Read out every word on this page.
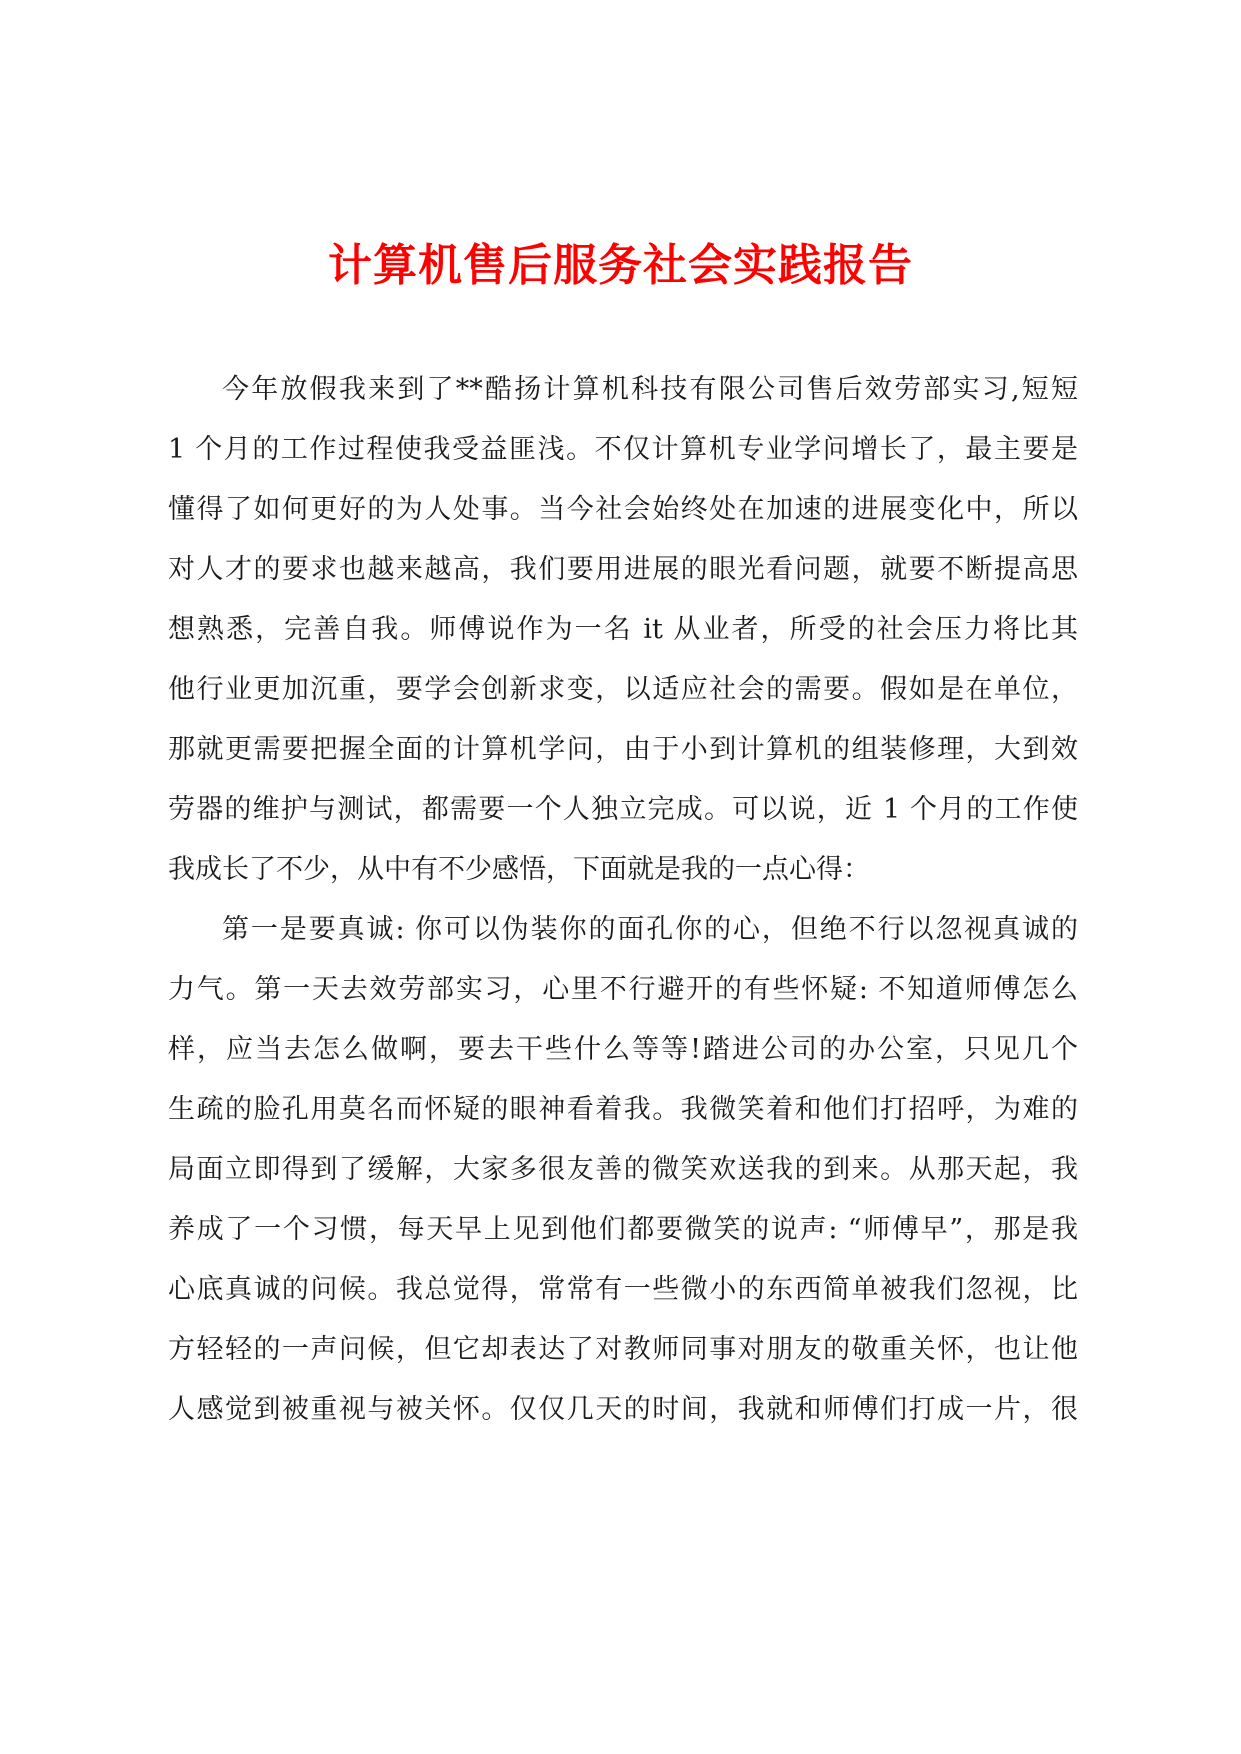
计算机售后服务社会实践报告

今年放假我来到了**酷扬计算机科技有限公司售后效劳部实习,短短

1 个月的工作过程使我受益匪浅。不仅计算机专业学问增长了，最主要是

懂得了如何更好的为人处事。当今社会始终处在加速的进展变化中，所以

对人才的要求也越来越高，我们要用进展的眼光看问题，就要不断提高思

想熟悉，完善自我。师傅说作为一名 it 从业者，所受的社会压力将比其

他行业更加沉重，要学会创新求变，以适应社会的需要。假如是在单位，

那就更需要把握全面的计算机学问，由于小到计算机的组装修理，大到效

劳器的维护与测试，都需要一个人独立完成。可以说，近 1 个月的工作使

我成长了不少，从中有不少感悟，下面就是我的一点心得：

第一是要真诚: 你可以伪装你的面孔你的心，但绝不行以忽视真诚的

力气。第一天去效劳部实习，心里不行避开的有些怀疑: 不知道师傅怎么

样，应当去怎么做啊，要去干些什么等等!踏进公司的办公室，只见几个

生疏的脸孔用莫名而怀疑的眼神看着我。我微笑着和他们打招呼，为难的

局面立即得到了缓解，大家多很友善的微笑欢送我的到来。从那天起，我

养成了一个习惯，每天早上见到他们都要微笑的说声: “师傅早”，那是我

心底真诚的问候。我总觉得，常常有一些微小的东西简单被我们忽视，比

方轻轻的一声问候，但它却表达了对教师同事对朋友的敬重关怀，也让他

人感觉到被重视与被关怀。仅仅几天的时间，我就和师傅们打成一片，很
